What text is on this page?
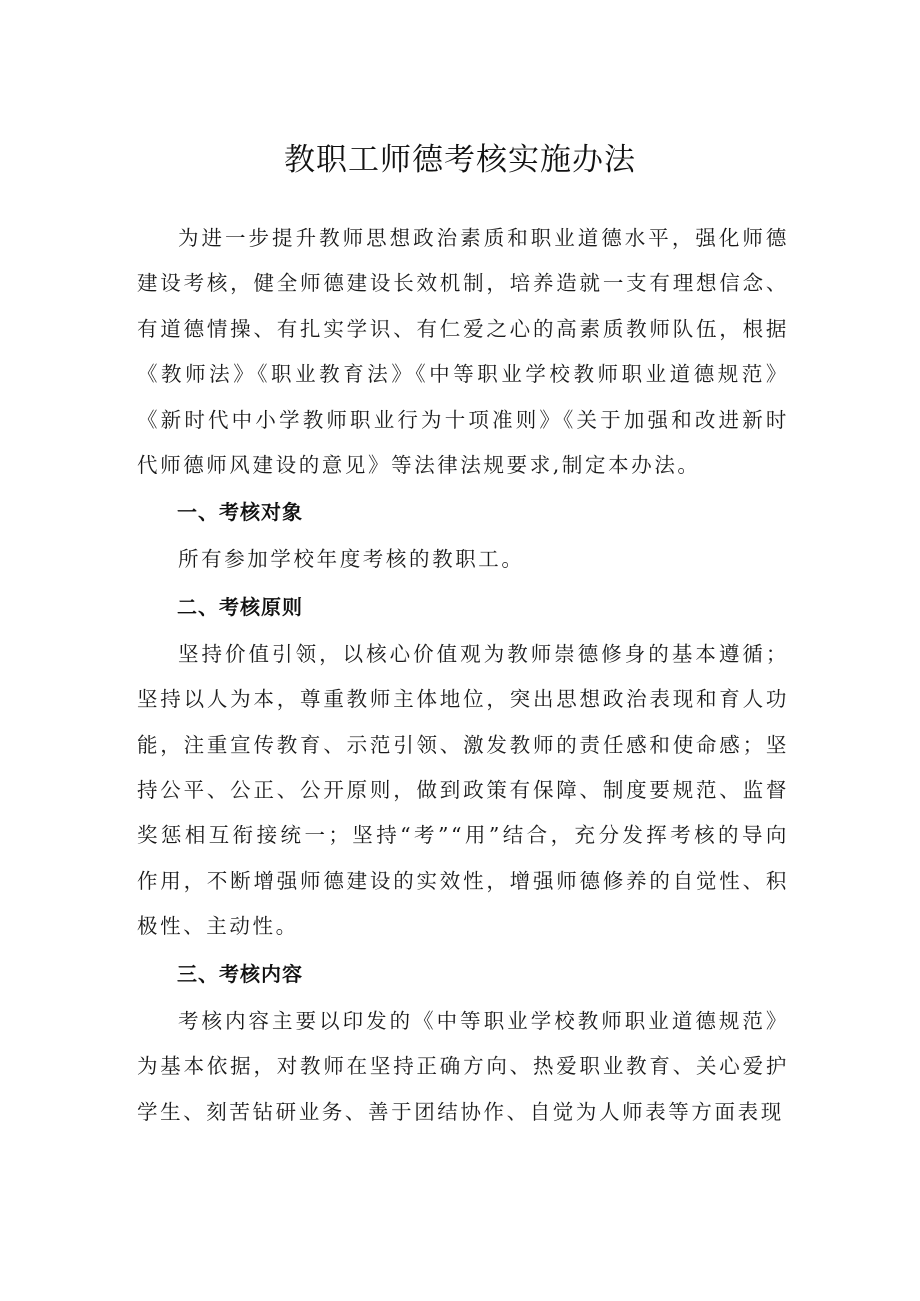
教职工师德考核实施办法

为进一步提升教师思想政治素质和职业道德水平，强化师德建设考核，健全师德建设长效机制，培养造就一支有理想信念、有道德情操、有扎实学识、有仁爱之心的高素质教师队伍，根据《教师法》《职业教育法》《中等职业学校教师职业道德规范》《新时代中小学教师职业行为十项准则》《关于加强和改进新时代师德师风建设的意见》等法律法规要求,制定本办法。

一、考核对象

所有参加学校年度考核的教职工。

二、考核原则

坚持价值引领，以核心价值观为教师崇德修身的基本遵循；坚持以人为本，尊重教师主体地位，突出思想政治表现和育人功能，注重宣传教育、示范引领、激发教师的责任感和使命感；坚持公平、公正、公开原则，做到政策有保障、制度要规范、监督奖惩相互衔接统一；坚持“考”“用”结合，充分发挥考核的导向作用，不断增强师德建设的实效性，增强师德修养的自觉性、积极性、主动性。

三、考核内容

考核内容主要以印发的《中等职业学校教师职业道德规范》为基本依据，对教师在坚持正确方向、热爱职业教育、关心爱护学生、刻苦钻研业务、善于团结协作、自觉为人师表等方面表现
